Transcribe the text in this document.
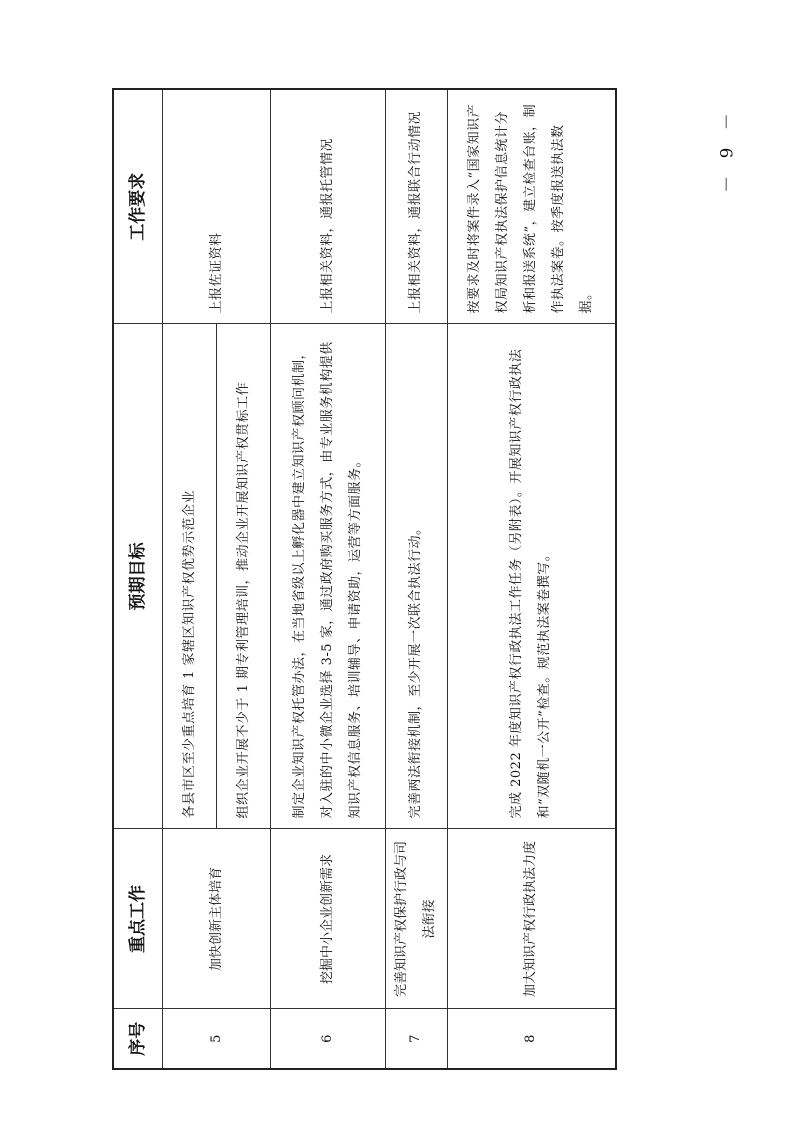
序号	重点工作	预期目标	工作要求
5	加快创新主体培育	各县市区至少重点培育 1 家辖区知识产权优势示范企业	上报佐证资料
		组织企业开展不少于 1 期专利管理培训，推动企业开展知识产权贯标工作	
6	挖掘中小企业创新需求	制定企业知识产权托管办法，在当地省级以上孵化器中建立知识产权顾问机制，对入驻的中小微企业选择 3-5 家，通过政府购买服务方式，由专业服务机构提供知识产权信息服务、培训辅导、申请资助，运营等方面服务。	上报相关资料，通报托管情况
7	完善知识产权保护行政与司法衔接	完善两法衔接机制，至少开展一次联合执法行动。	上报相关资料，通报联合行动情况
8	加大知识产权行政执法力度	完成 2022 年度知识产权行政执法工作任务（另附表）。开展知识产权行政执法和“双随机一公开”检查。规范执法案卷撰写。	按要求及时将案件录入“国家知识产权局知识产权执法保护信息统计分析和报送系统”，建立检查台账，制作执法案卷。按季度报送执法数据。
－ 9 －
